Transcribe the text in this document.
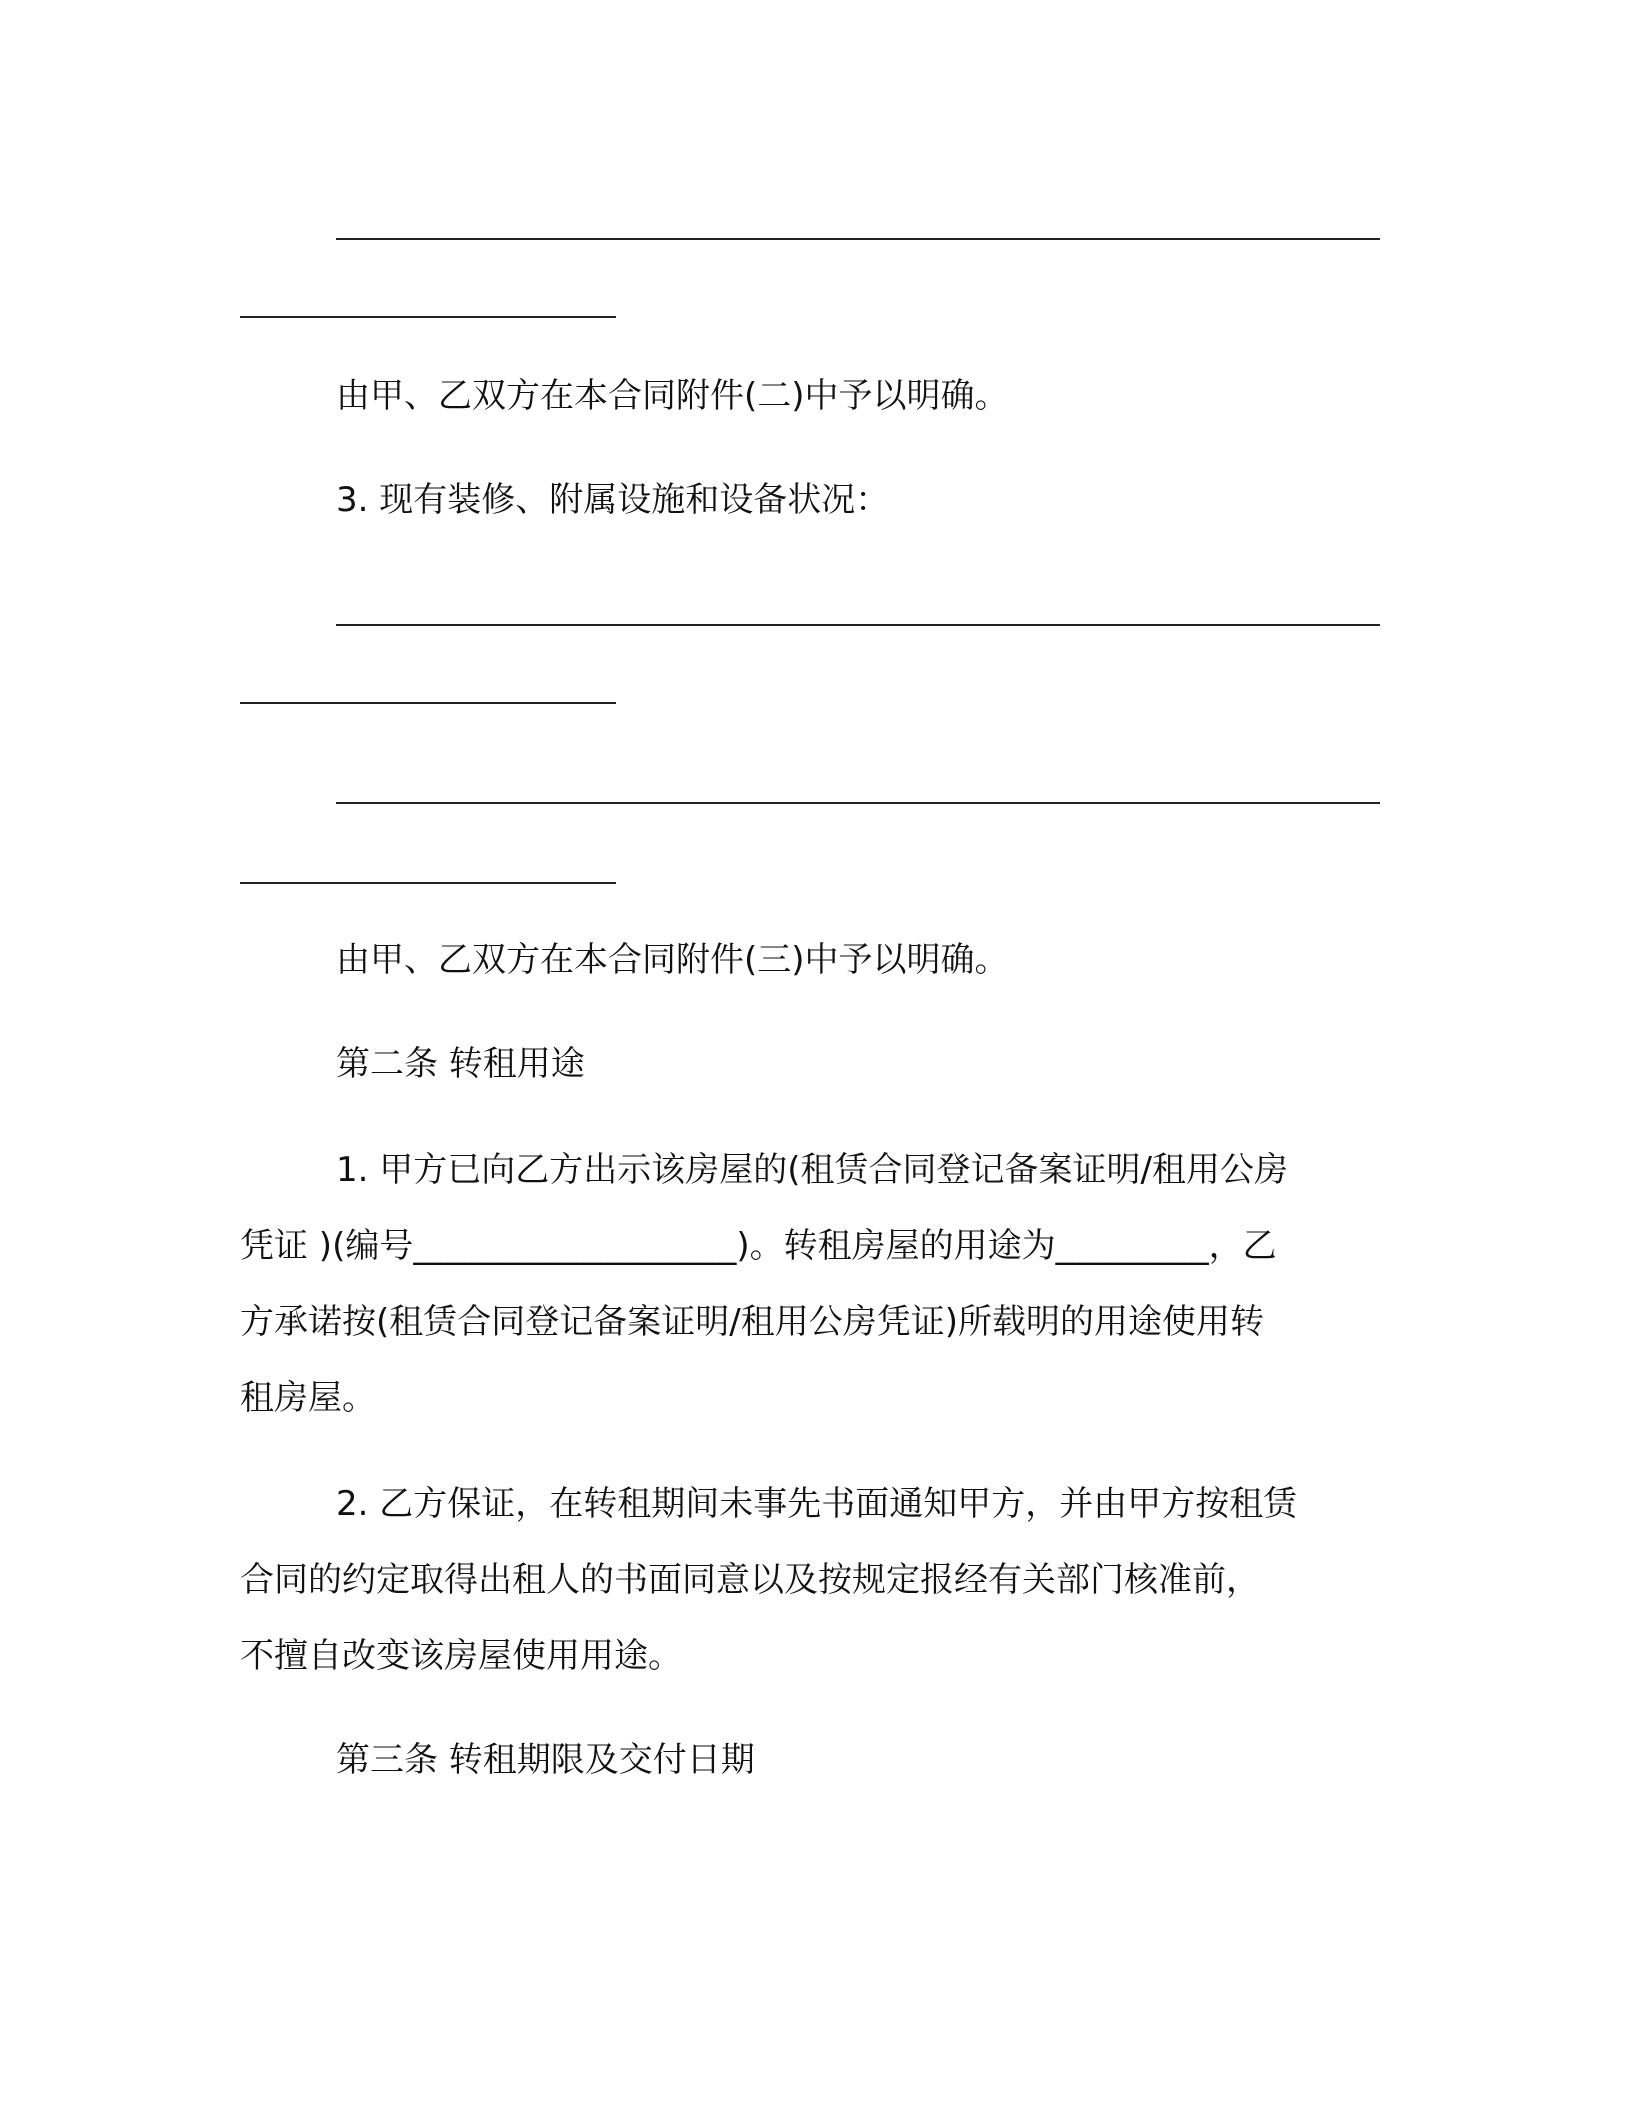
由甲、乙双方在本合同附件(二)中予以明确。
3. 现有装修、附属设施和设备状况：
由甲、乙双方在本合同附件(三)中予以明确。
第二条 转租用途
1. 甲方已向乙方出示该房屋的(租赁合同登记备案证明/租用公房
凭证 )(编号___________________)。转租房屋的用途为_________，乙
方承诺按(租赁合同登记备案证明/租用公房凭证)所载明的用途使用转
租房屋。
2. 乙方保证，在转租期间未事先书面通知甲方，并由甲方按租赁
合同的约定取得出租人的书面同意以及按规定报经有关部门核准前，
不擅自改变该房屋使用用途。
第三条 转租期限及交付日期
